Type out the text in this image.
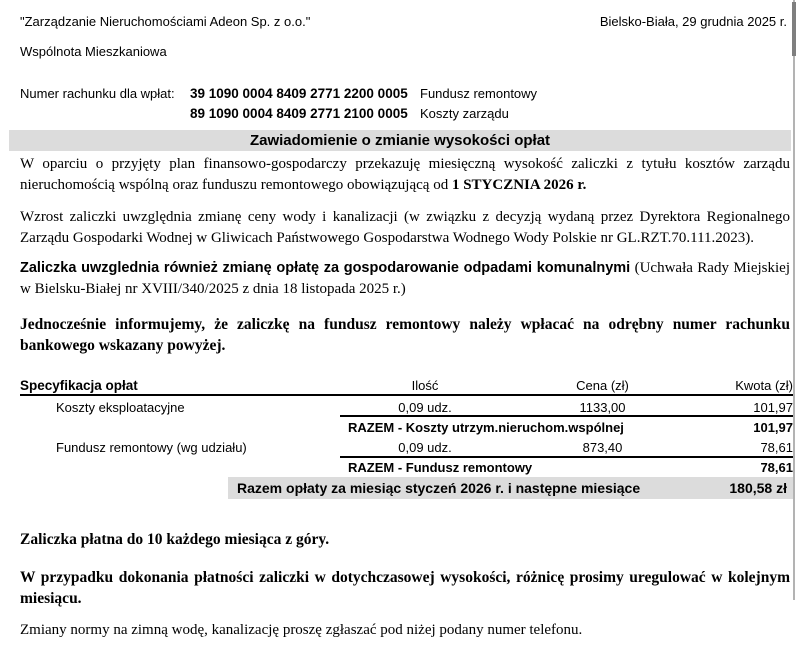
"Zarządzanie Nieruchomościami Adeon Sp. z o.o."	Bielsko-Biała, 29 grudnia 2025 r.
Wspólnota Mieszkaniowa
Numer rachunku dla wpłat: 39 1090 0004 8409 2771 2200 0005 Fundusz remontowy
89 1090 0004 8409 2771 2100 0005 Koszty zarządu
Zawiadomienie o zmianie wysokości opłat

W oparciu o przyjęty plan finansowo-gospodarczy przekazuję miesięczną wysokość zaliczki z tytułu kosztów zarządu nieruchomością wspólną oraz funduszu remontowego obowiązującą od 1 STYCZNIA 2026 r.

Wzrost zaliczki uwzględnia zmianę ceny wody i kanalizacji (w związku z decyzją wydaną przez Dyrektora Regionalnego Zarządu Gospodarki Wodnej w Gliwicach Państwowego Gospodarstwa Wodnego Wody Polskie nr GL.RZT.70.111.2023).

Zaliczka uwzglednia również zmianę opłatę za gospodarowanie odpadami komunalnymi (Uchwała Rady Miejskiej w Bielsku-Białej nr XVIII/340/2025 z dnia 18 listopada 2025 r.)

Jednocześnie informujemy, że zaliczkę na fundusz remontowy należy wpłacać na odrębny numer rachunku bankowego wskazany powyżej.

Specyfikacja opłat	Ilość	Cena (zł)	Kwota (zł)
Koszty eksploatacyjne	0,09 udz.	1133,00	101,97
RAZEM - Koszty utrzym.nieruchom.wspólnej	101,97
Fundusz remontowy (wg udziału)	0,09 udz.	873,40	78,61
RAZEM - Fundusz remontowy	78,61
Razem opłaty za miesiąc styczeń 2026 r. i następne miesiące	180,58 zł

Zaliczka płatna do 10 każdego miesiąca z góry.

W przypadku dokonania płatności zaliczki w dotychczasowej wysokości, różnicę prosimy uregulować w kolejnym miesiącu.

Zmiany normy na zimną wodę, kanalizację proszę zgłaszać pod niżej podany numer telefonu.
